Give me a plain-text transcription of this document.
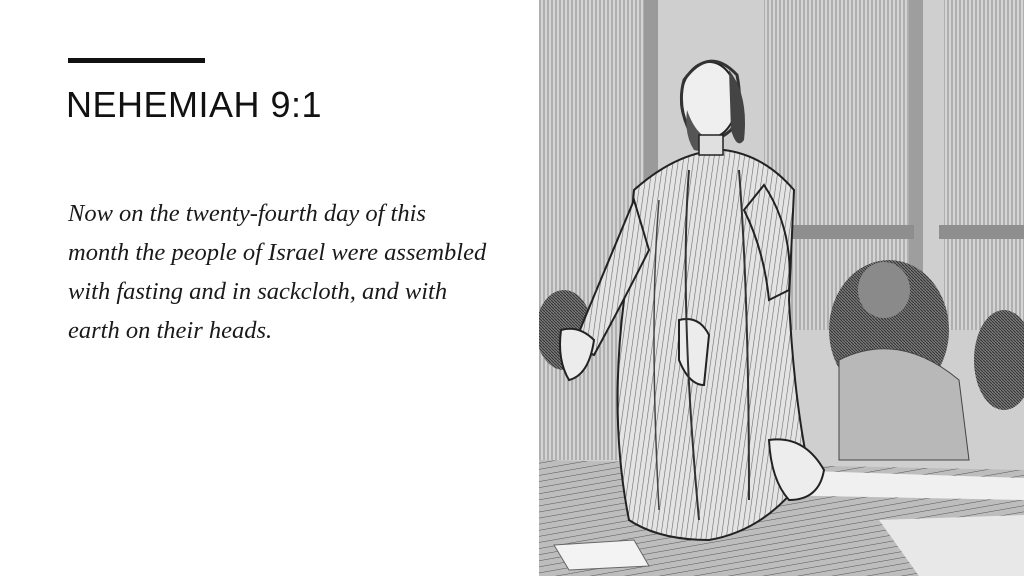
NEHEMIAH 9:1
Now on the twenty-fourth day of this month the people of Israel were assembled with fasting and in sackcloth, and with earth on their heads.
